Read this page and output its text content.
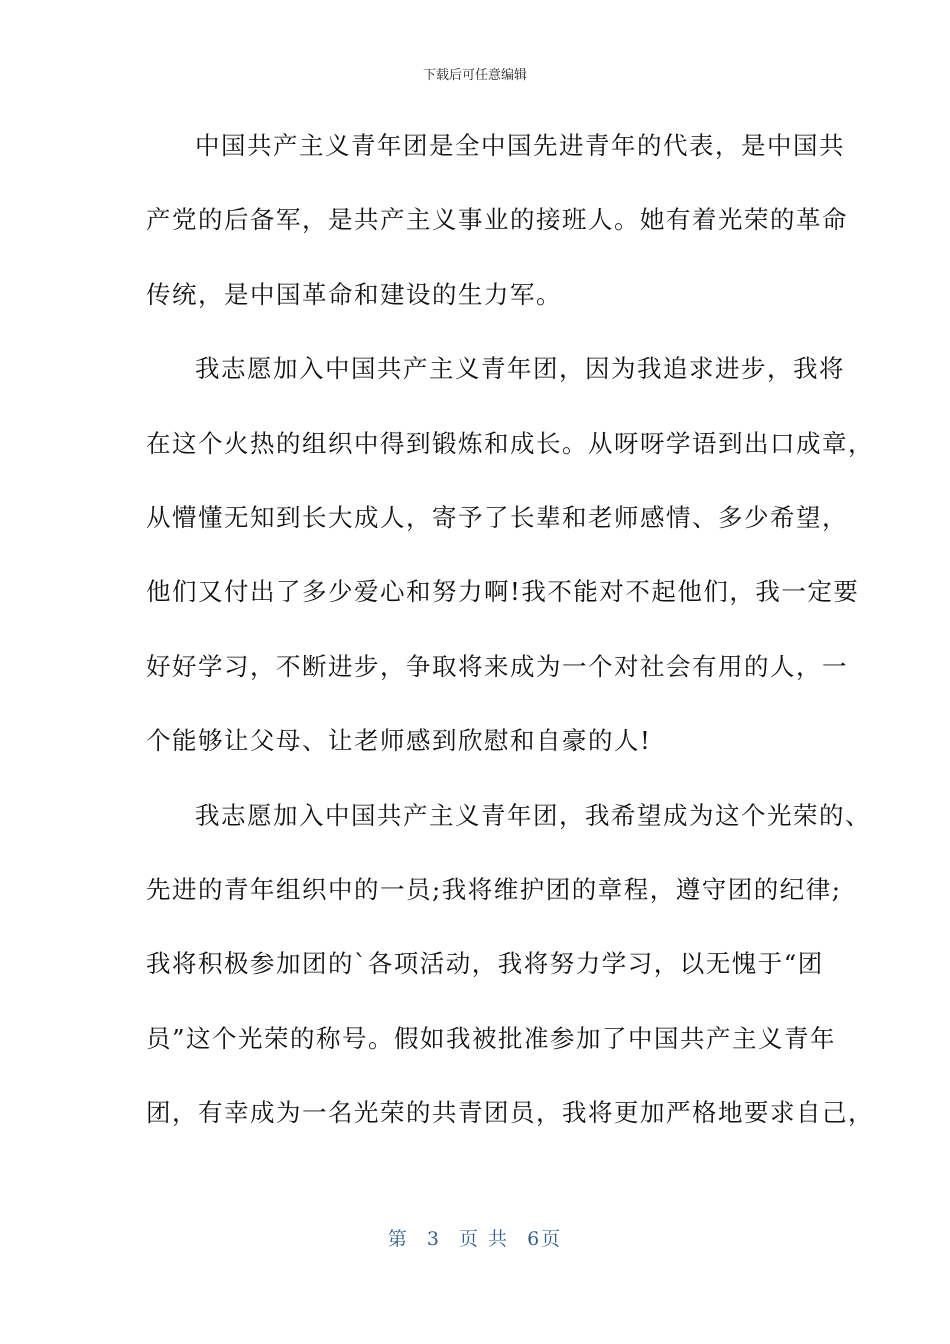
下载后可任意编辑
中国共产主义青年团是全中国先进青年的代表，是中国共
产党的后备军，是共产主义事业的接班人。她有着光荣的革命
传统，是中国革命和建设的生力军。
我志愿加入中国共产主义青年团，因为我追求进步，我将
在这个火热的组织中得到锻炼和成长。从呀呀学语到出口成章，
从懵懂无知到长大成人，寄予了长辈和老师感情、多少希望，
他们又付出了多少爱心和努力啊!我不能对不起他们，我一定要
好好学习，不断进步，争取将来成为一个对社会有用的人，一
个能够让父母、让老师感到欣慰和自豪的人!
我志愿加入中国共产主义青年团，我希望成为这个光荣的、
先进的青年组织中的一员;我将维护团的章程，遵守团的纪律;
我将积极参加团的`各项活动，我将努力学习，以无愧于“团
员”这个光荣的称号。假如我被批准参加了中国共产主义青年
团，有幸成为一名光荣的共青团员，我将更加严格地要求自己，
第 3 页 共 6页
